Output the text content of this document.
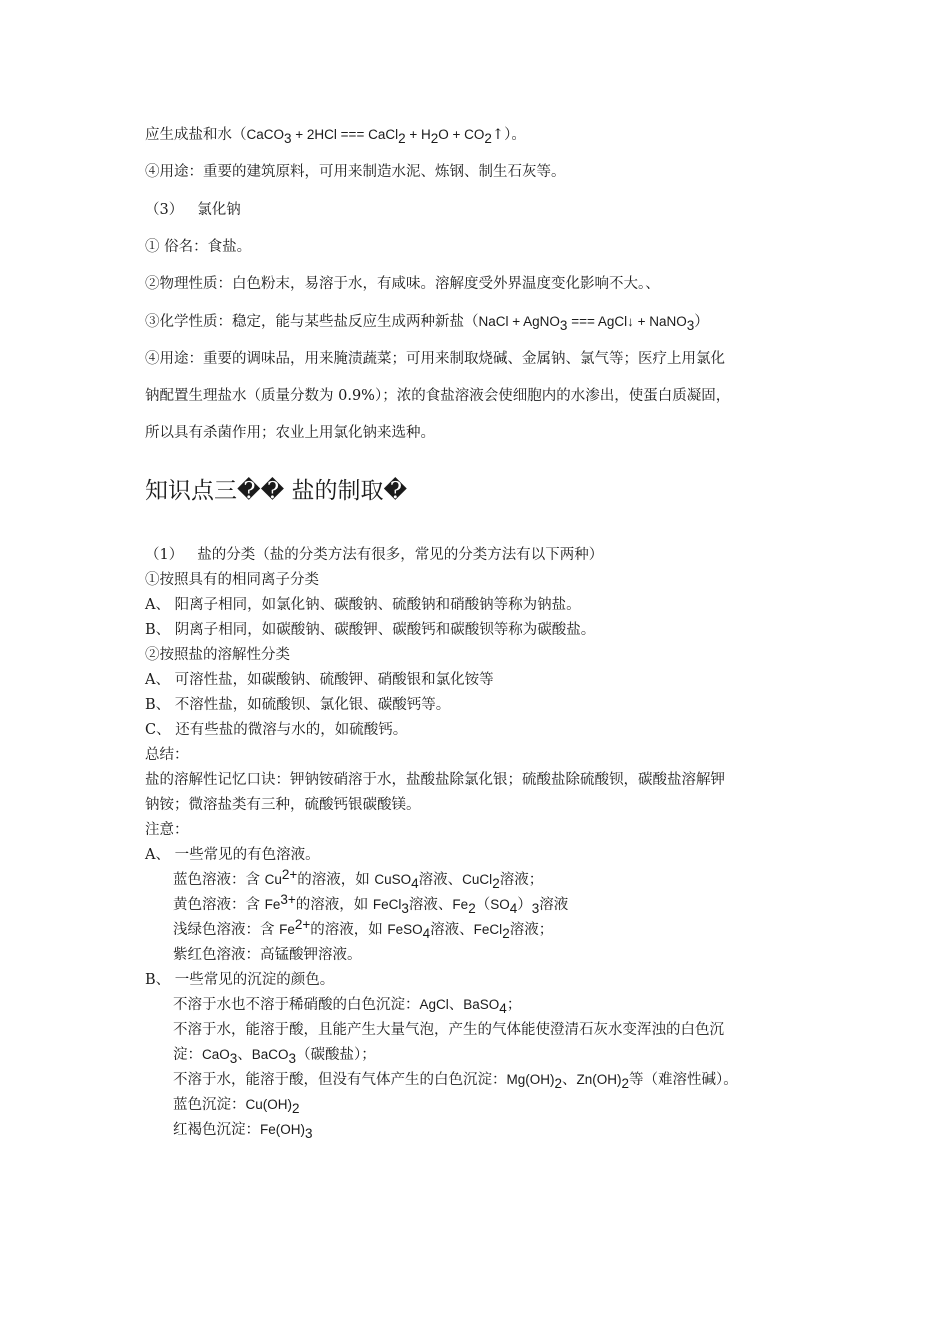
应生成盐和水（CaCO$_3$ + 2HCl === CaCl$_2$ + $H_2O$ + $CO_2↑$）。
④用途：重要的建筑原料，可用来制造水泥、炼钢、制生石灰等。
（3） 氯化钠
① 俗名：食盐。
②物理性质：白色粉末，易溶于水，有咸味。溶解度受外界温度变化影响不大。、
③化学性质：稳定，能与某些盐反应生成两种新盐（NaCl + AgNO$_3$ === AgCl↓ + NaNO$_3$）
④用途：重要的调味品，用来腌渍蔬菜；可用来制取烧碱、金属钠、氯气等；医疗上用氯化
钠配置生理盐水（质量分数为 0.9%）；浓的食盐溶液会使细胞内的水渗出，使蛋白质凝固，
所以具有杀菌作用；农业上用氯化钠来选种。
知识点三�� 盐的制取�
（1） 盐的分类（盐的分类方法有很多，常见的分类方法有以下两种）
①按照具有的相同离子分类
A、 阳离子相同，如氯化钠、碳酸钠、硫酸钠和硝酸钠等称为钠盐。
B、 阴离子相同，如碳酸钠、碳酸钾、碳酸钙和碳酸钡等称为碳酸盐。
②按照盐的溶解性分类
A、 可溶性盐，如碳酸钠、硫酸钾、硝酸银和氯化铵等
B、 不溶性盐，如硫酸钡、氯化银、碳酸钙等。
C、 还有些盐的微溶与水的，如硫酸钙。
总结：
盐的溶解性记忆口诀：钾钠铵硝溶于水，盐酸盐除氯化银；硫酸盐除硫酸钡，碳酸盐溶解钾
钠铵；微溶盐类有三种，硫酸钙银碳酸镁。
注意：
A、 一些常见的有色溶液。
蓝色溶液：含 $Cu^{2+}$的溶液，如 CuSO$_4$溶液、CuCl$_2$溶液；
黄色溶液：含 $Fe^{3+}$的溶液，如 FeCl$_3$溶液、$Fe_2(SO_4)_3$溶液
浅绿色溶液：含 $Fe^{2+}$的溶液，如 FeSO$_4$溶液、FeCl$_2$溶液；
紫红色溶液：高锰酸钾溶液。
B、 一些常见的沉淀的颜色。
不溶于水也不溶于稀硝酸的白色沉淀：AgCl、BaSO$_4$；
不溶于水，能溶于酸，且能产生大量气泡，产生的气体能使澄清石灰水变浑浊的白色沉
淀：CaO$_3$、BaCO$_3$（碳酸盐）；
不溶于水，能溶于酸，但没有气体产生的白色沉淀：$Mg(OH)_2$、$Zn(OH)_2$等（难溶性碱）。
蓝色沉淀：$Cu(OH)_2$
红褐色沉淀：$Fe(OH)_3$
